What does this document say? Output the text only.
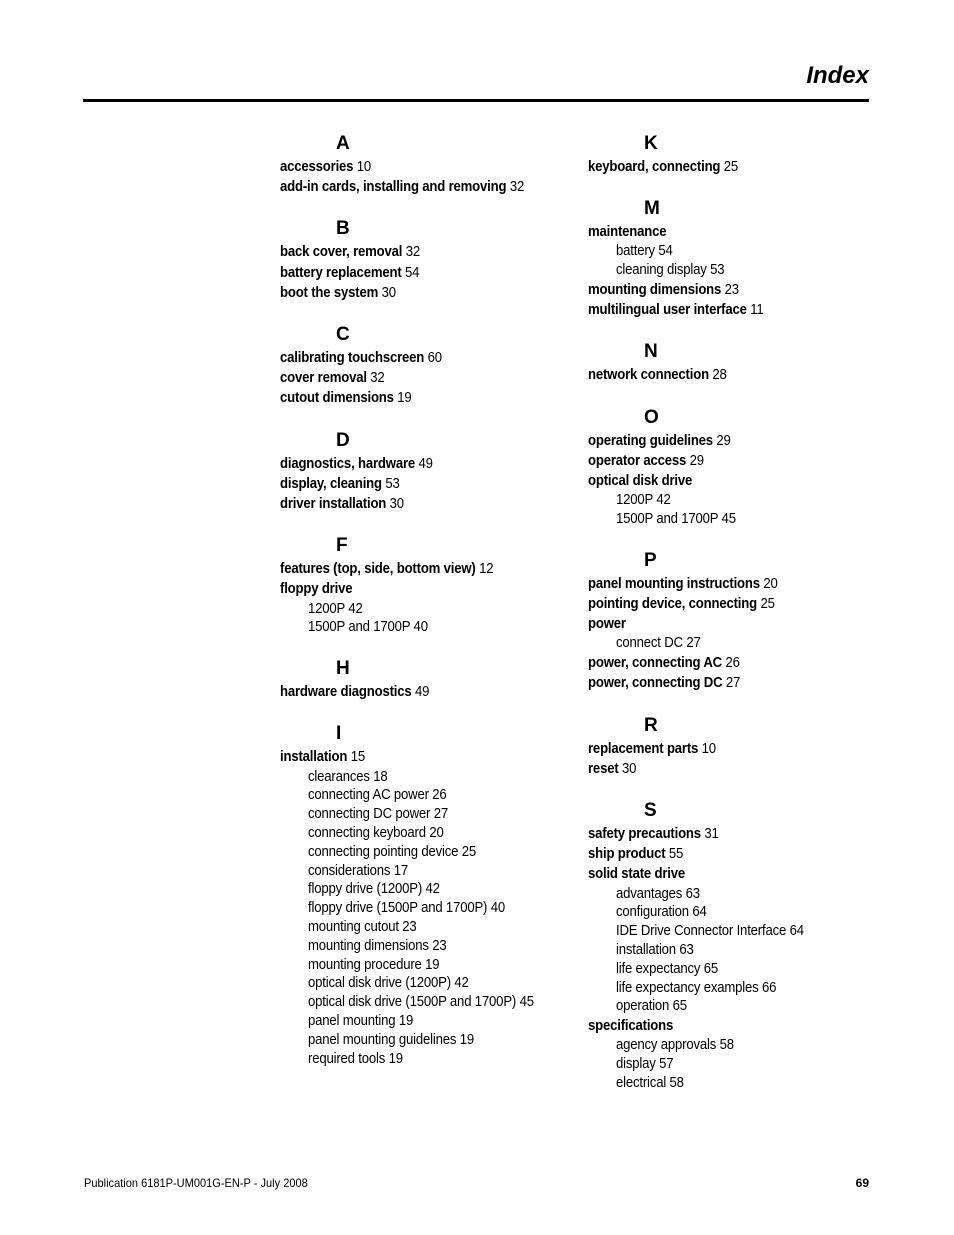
Index
A
accessories 10
add-in cards, installing and removing 32
B
back cover, removal 32
battery replacement 54
boot the system 30
C
calibrating touchscreen 60
cover removal 32
cutout dimensions 19
D
diagnostics, hardware 49
display, cleaning 53
driver installation 30
F
features (top, side, bottom view) 12
floppy drive
1200P 42
1500P and 1700P 40
H
hardware diagnostics 49
I
installation 15
clearances 18
connecting AC power 26
connecting DC power 27
connecting keyboard 20
connecting pointing device 25
considerations 17
floppy drive (1200P) 42
floppy drive (1500P and 1700P) 40
mounting cutout 23
mounting dimensions 23
mounting procedure 19
optical disk drive (1200P) 42
optical disk drive (1500P and 1700P) 45
panel mounting 19
panel mounting guidelines 19
required tools 19
K
keyboard, connecting 25
M
maintenance
battery 54
cleaning display 53
mounting dimensions 23
multilingual user interface 11
N
network connection 28
O
operating guidelines 29
operator access 29
optical disk drive
1200P 42
1500P and 1700P 45
P
panel mounting instructions 20
pointing device, connecting 25
power
connect DC 27
power, connecting AC 26
power, connecting DC 27
R
replacement parts 10
reset 30
S
safety precautions 31
ship product 55
solid state drive
advantages 63
configuration 64
IDE Drive Connector Interface 64
installation 63
life expectancy 65
life expectancy examples 66
operation 65
specifications
agency approvals 58
display 57
electrical 58
Publication 6181P-UM001G-EN-P - July 2008	69
